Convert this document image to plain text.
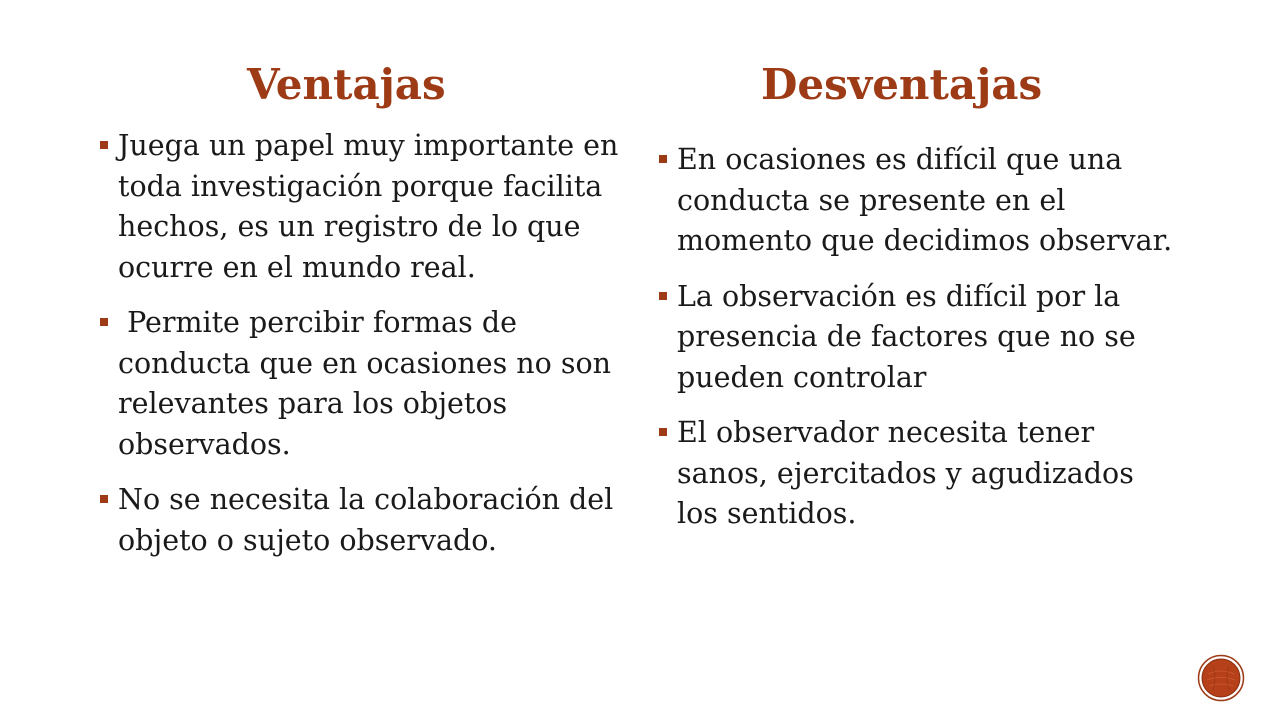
Ventajas	Desventajas
Juega un papel muy importante en toda investigación porque facilita hechos, es un registro de lo que ocurre en el mundo real.
Permite percibir formas de conducta que en ocasiones no son relevantes para los objetos observados.
No se necesita la colaboración del objeto o sujeto observado.
En ocasiones es difícil que una conducta se presente en el momento que decidimos observar.
La observación es difícil por la presencia de factores que no se pueden controlar
El observador necesita tener sanos, ejercitados y agudizados los sentidos.
